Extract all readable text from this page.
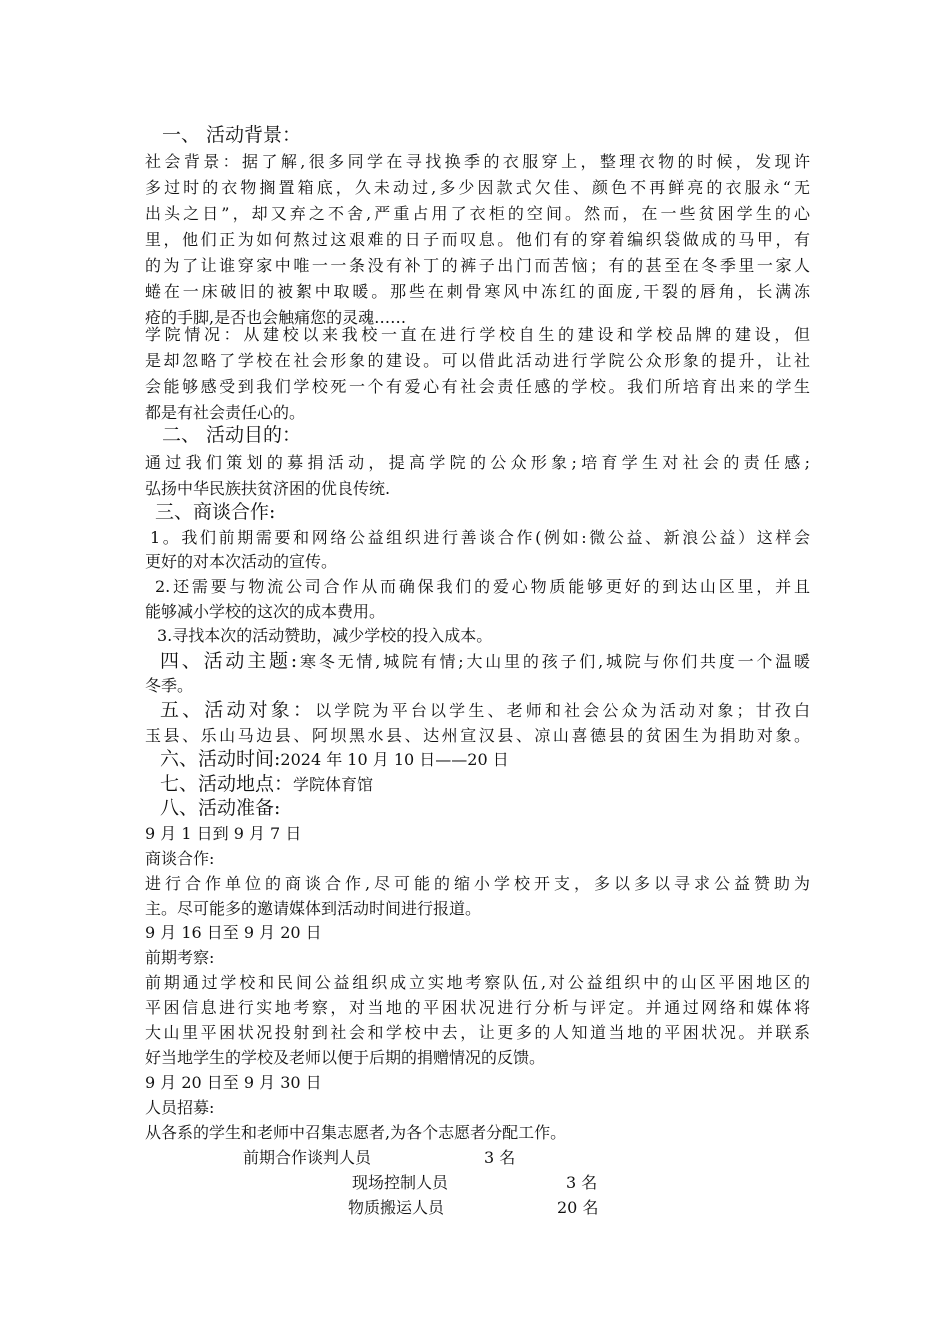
一、 活动背景：
社会背景：据了解,很多同学在寻找换季的衣服穿上，整理衣物的时候，发现许
多过时的衣物搁置箱底，久未动过,多少因款式欠佳、颜色不再鲜亮的衣服永“无
出头之日”，却又弃之不舍,严重占用了衣柜的空间。然而，在一些贫困学生的心
里，他们正为如何熬过这艰难的日子而叹息。他们有的穿着编织袋做成的马甲，有
的为了让谁穿家中唯一一条没有补丁的裤子出门而苦恼；有的甚至在冬季里一家人
蜷在一床破旧的被絮中取暖。那些在刺骨寒风中冻红的面庞,干裂的唇角，长满冻
疮的手脚,是否也会触痛您的灵魂……
学院情况：从建校以来我校一直在进行学校自生的建设和学校品牌的建设，但
是却忽略了学校在社会形象的建设。可以借此活动进行学院公众形象的提升，让社
会能够感受到我们学校死一个有爱心有社会责任感的学校。我们所培育出来的学生
都是有社会责任心的。
二、 活动目的：
通过我们策划的募捐活动，提高学院的公众形象;培育学生对社会的责任感;
弘扬中华民族扶贫济困的优良传统.
三、商谈合作:
1。我们前期需要和网络公益组织进行善谈合作(例如:微公益、新浪公益）这样会
更好的对本次活动的宣传。
2.还需要与物流公司合作从而确保我们的爱心物质能够更好的到达山区里，并且
能够减小学校的这次的成本费用。
3.寻找本次的活动赞助，减少学校的投入成本。
四、活动主题:寒冬无情,城院有情;大山里的孩子们,城院与你们共度一个温暖
冬季。
五、活动对象：以学院为平台以学生、老师和社会公众为活动对象；甘孜白
玉县、乐山马边县、阿坝黑水县、达州宣汉县、凉山喜德县的贫困生为捐助对象。
六、活动时间:2024 年 10 月 10 日——20 日
七、活动地点：学院体育馆
八、活动准备:
9 月 1 日到 9 月 7 日
商谈合作:
进行合作单位的商谈合作,尽可能的缩小学校开支，多以多以寻求公益赞助为
主。尽可能多的邀请媒体到活动时间进行报道。
9 月 16 日至 9 月 20 日
前期考察:
前期通过学校和民间公益组织成立实地考察队伍,对公益组织中的山区平困地区的
平困信息进行实地考察，对当地的平困状况进行分析与评定。并通过网络和媒体将
大山里平困状况投射到社会和学校中去，让更多的人知道当地的平困状况。并联系
好当地学生的学校及老师以便于后期的捐赠情况的反馈。
9 月 20 日至 9 月 30 日
人员招募:
从各系的学生和老师中召集志愿者,为各个志愿者分配工作。
前期合作谈判人员	3 名
现场控制人员	3 名
物质搬运人员	20 名
